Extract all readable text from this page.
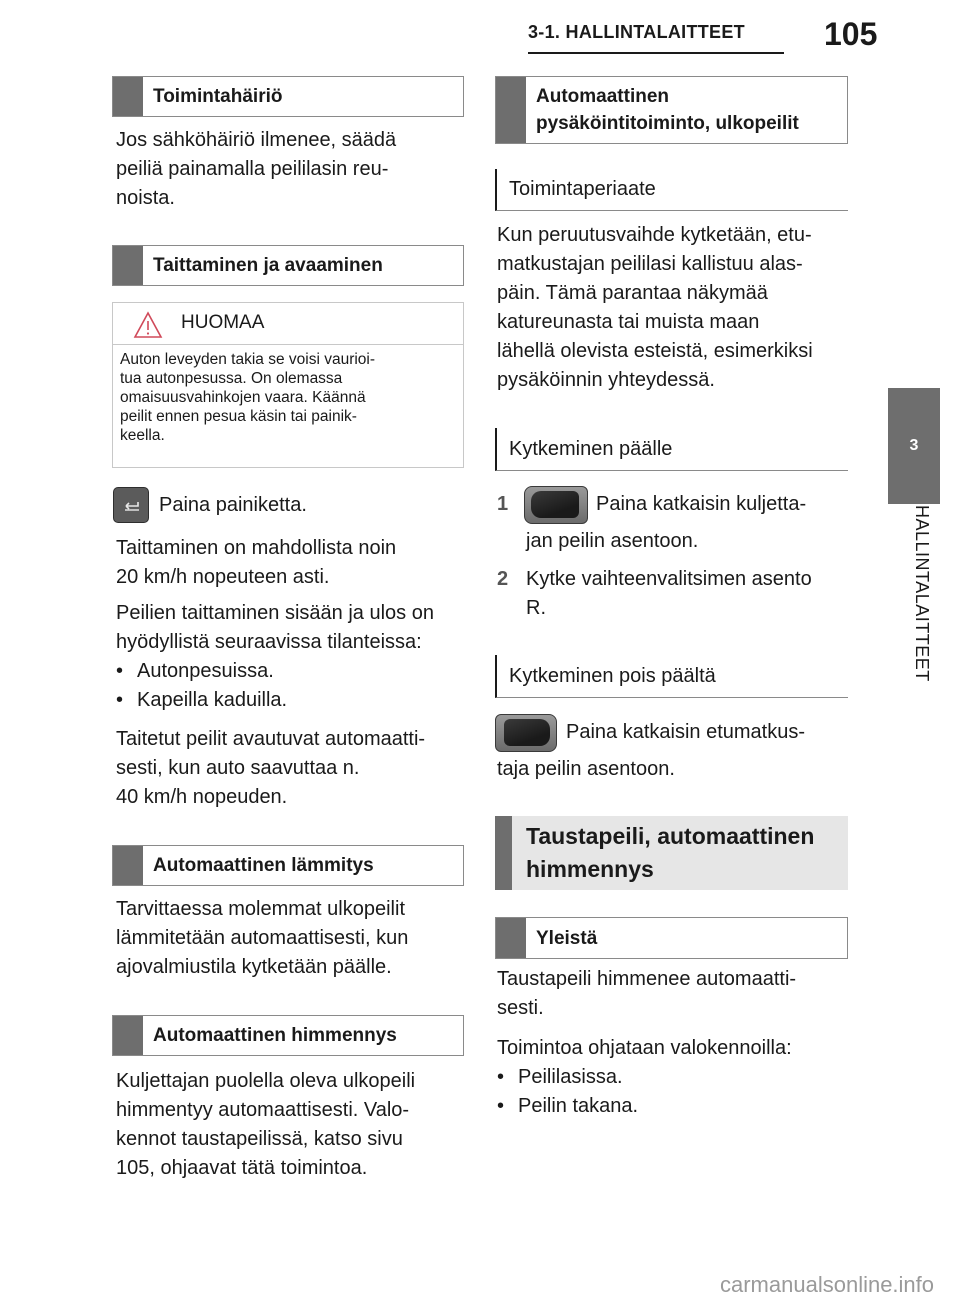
3-1. HALLINTALAITTEET 105
3
HALLINTALAITTEET
Toimintahäiriö
Jos sähköhäiriö ilmenee, säädä
peiliä painamalla peililasin reu-
noista.
Taittaminen ja avaaminen
HUOMAA
Auton leveyden takia se voisi vaurioi-
tua autonpesussa. On olemassa
omaisuusvahinkojen vaara. Käännä
peilit ennen pesua käsin tai painik-
keella.
Paina painiketta.
Taittaminen on mahdollista noin
20 km/h nopeuteen asti.
Peilien taittaminen sisään ja ulos on
hyödyllistä seuraavissa tilanteissa:
• Autonpesuissa.
• Kapeilla kaduilla.
Taitetut peilit avautuvat automaatti-
sesti, kun auto saavuttaa n.
40 km/h nopeuden.
Automaattinen lämmitys
Tarvittaessa molemmat ulkopeilit
lämmitetään automaattisesti, kun
ajovalmiustila kytketään päälle.
Automaattinen himmennys
Kuljettajan puolella oleva ulkopeili
himmentyy automaattisesti. Valo-
kennot taustapeilissä, katso sivu
105, ohjaavat tätä toimintoa.
Automaattinen
pysäköintitoiminto, ulkopeilit
Toimintaperiaate
Kun peruutusvaihde kytketään, etu-
matkustajan peililasi kallistuu alas-
päin. Tämä parantaa näkymää
katureunasta tai muista maan
lähellä olevista esteistä, esimerkiksi
pysäköinnin yhteydessä.
Kytkeminen päälle
1	Paina katkaisin kuljetta-
jan peilin asentoon.
2 Kytke vaihteenvalitsimen asento
R.
Kytkeminen pois päältä
Paina katkaisin etumatkus-
taja peilin asentoon.
Taustapeili, automaattinen
himmennys
Yleistä
Taustapeili himmenee automaatti-
sesti.
Toimintoa ohjataan valokennoilla:
• Peililasissa.
• Peilin takana.
carmanualsonline.info
